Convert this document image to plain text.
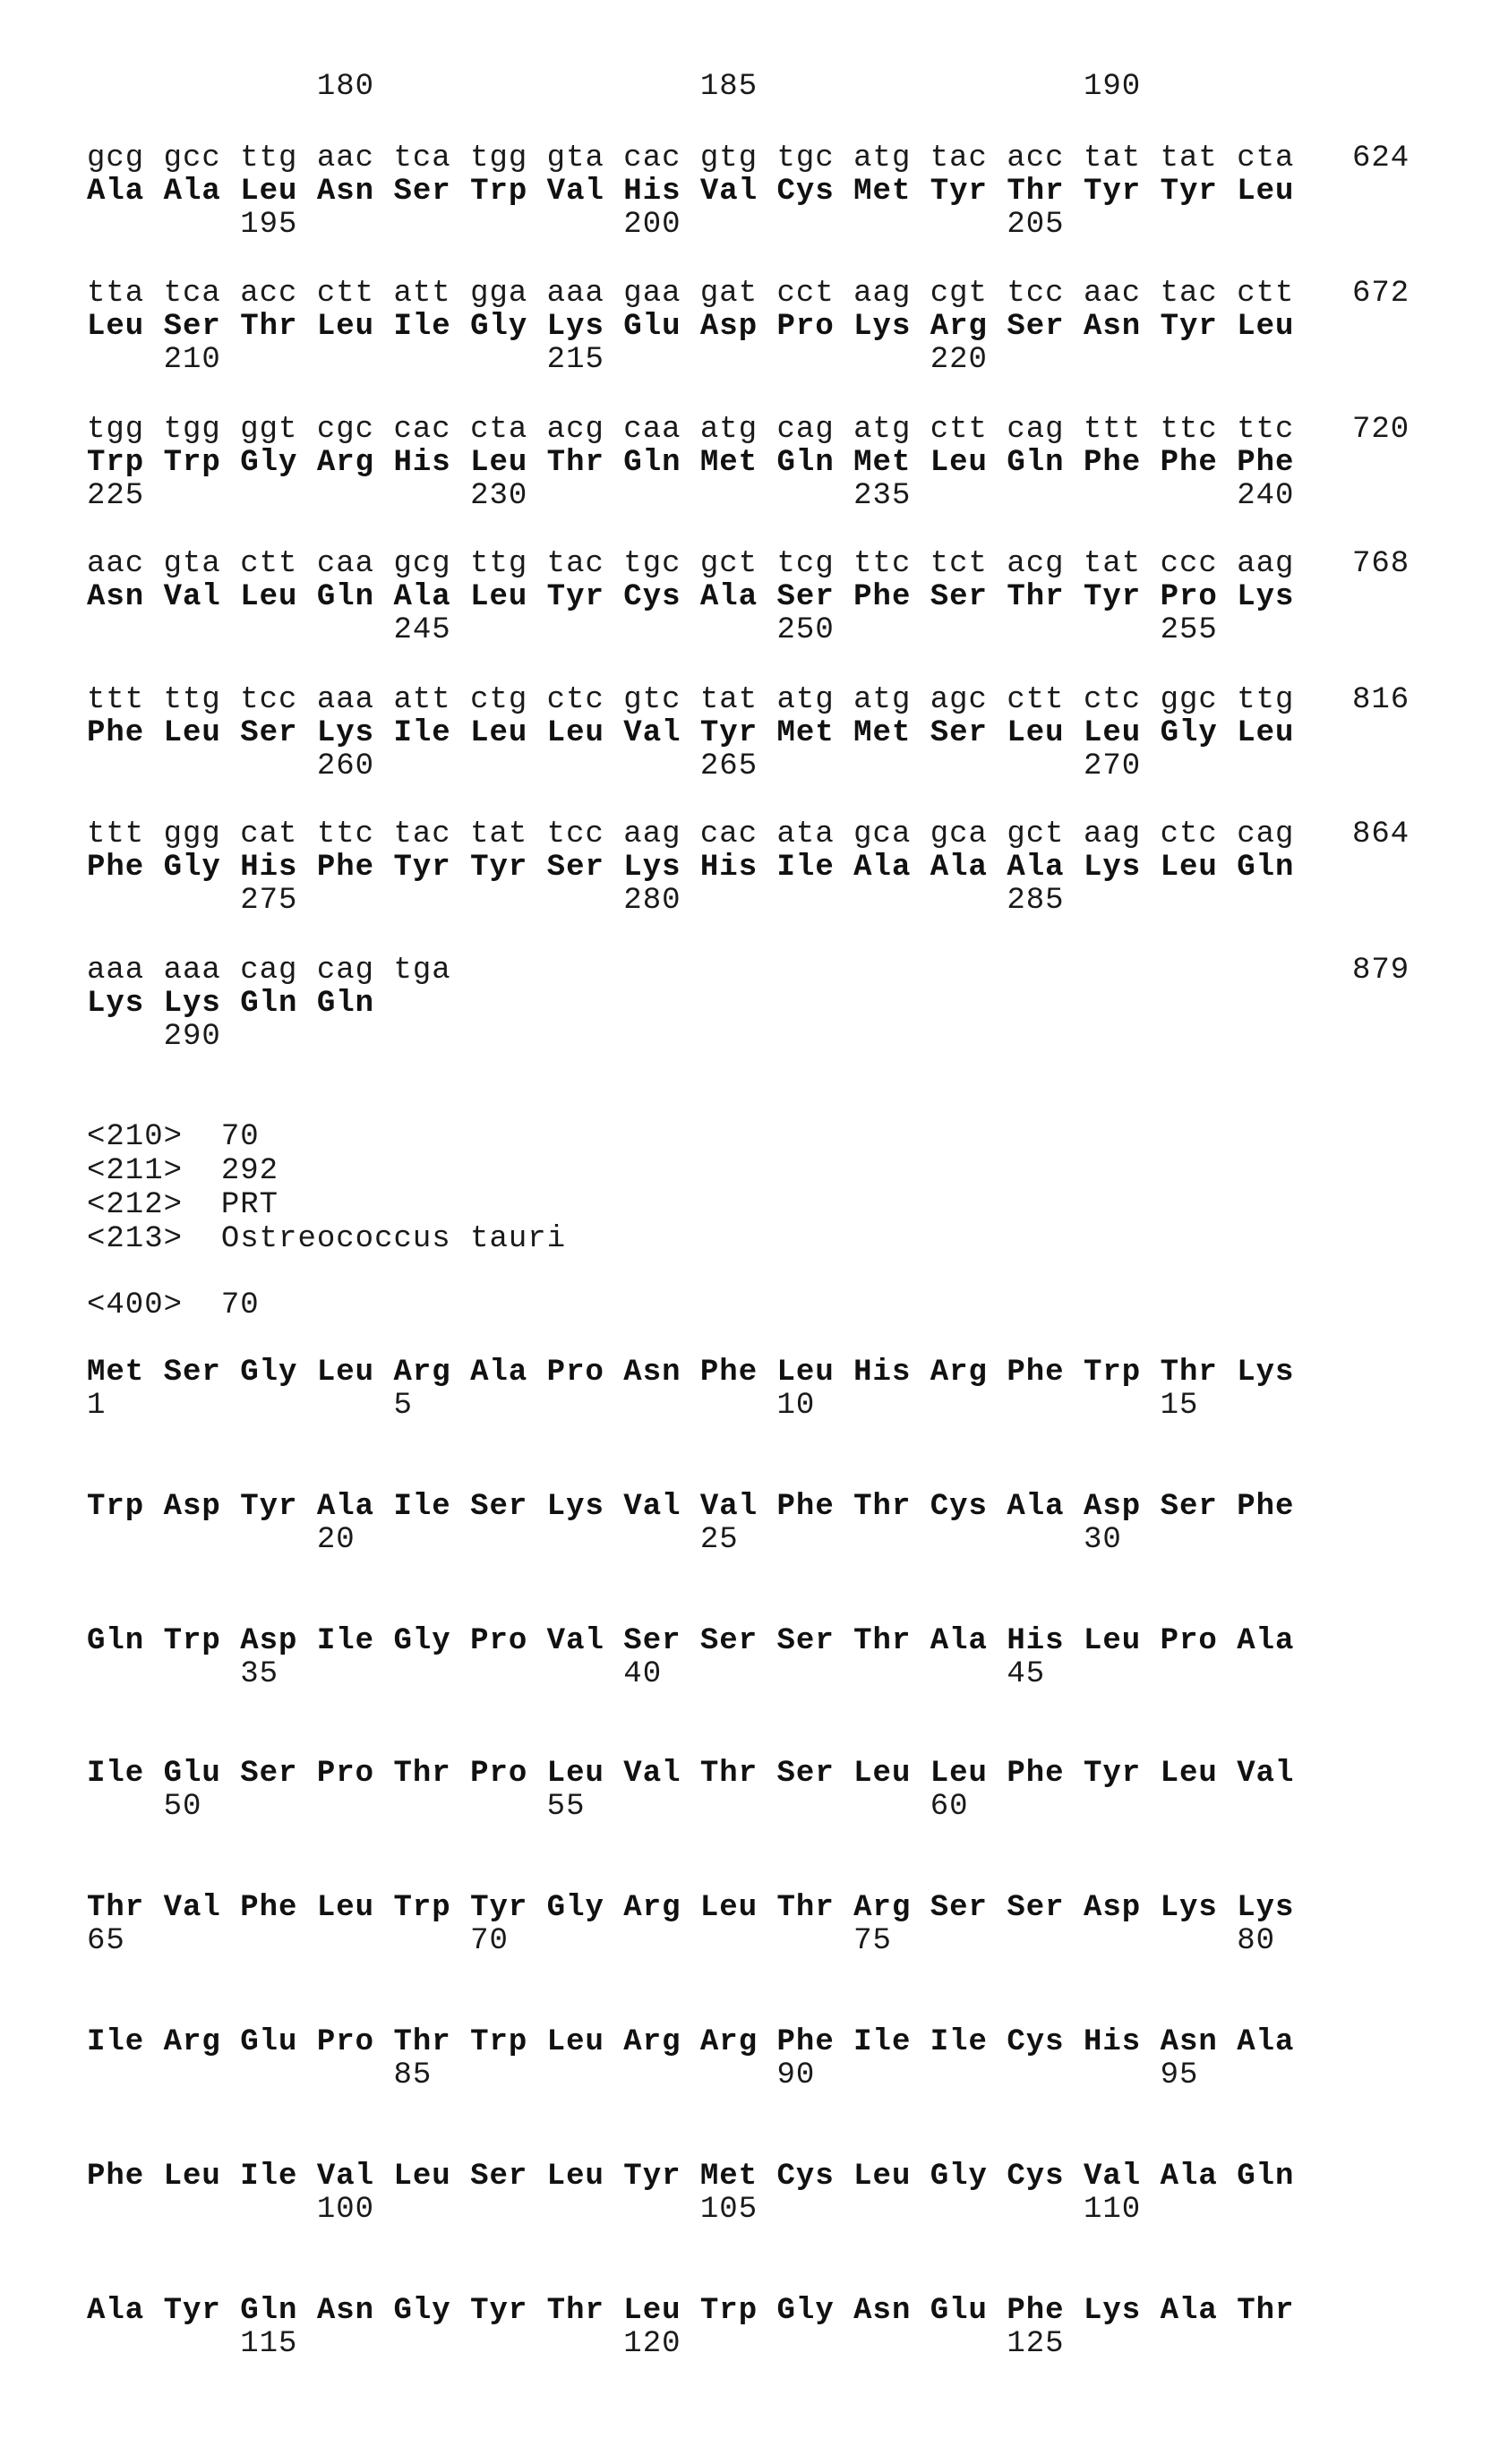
180                 185                 190
gcg gcc ttg aac tca tgg gta cac gtg tgc atg tac acc tat tat cta 624
Ala Ala Leu Asn Ser Trp Val His Val Cys Met Tyr Thr Tyr Tyr Leu
195                 200                 205
tta tca acc ctt att gga aaa gaa gat cct aag cgt tcc aac tac ctt 672
Leu Ser Thr Leu Ile Gly Lys Glu Asp Pro Lys Arg Ser Asn Tyr Leu
210                 215                 220
tgg tgg ggt cgc cac cta acg caa atg cag atg ctt cag ttt ttc ttc 720
Trp Trp Gly Arg His Leu Thr Gln Met Gln Met Leu Gln Phe Phe Phe
225                 230                 235                 240
aac gta ctt caa gcg ttg tac tgc gct tcg ttc tct acg tat ccc aag 768
Asn Val Leu Gln Ala Leu Tyr Cys Ala Ser Phe Ser Thr Tyr Pro Lys
245                 250                 255
ttt ttg tcc aaa att ctg ctc gtc tat atg atg agc ctt ctc ggc ttg 816
Phe Leu Ser Lys Ile Leu Leu Val Tyr Met Met Ser Leu Leu Gly Leu
260                 265                 270
ttt ggg cat ttc tac tat tcc aag cac ata gca gca gct aag ctc cag 864
Phe Gly His Phe Tyr Tyr Ser Lys His Ile Ala Ala Ala Lys Leu Gln
275                 280                 285
aaa aaa cag cag tga	879
Lys Lys Gln Gln
290
<210> 70
<211> 292
<212> PRT
<213> Ostreococcus tauri
<400> 70
Met Ser Gly Leu Arg Ala Pro Asn Phe Leu His Arg Phe Trp Thr Lys
1               5                   10                  15
Trp Asp Tyr Ala Ile Ser Lys Val Val Phe Thr Cys Ala Asp Ser Phe
20                  25                  30
Gln Trp Asp Ile Gly Pro Val Ser Ser Ser Thr Ala His Leu Pro Ala
35                  40                  45
Ile Glu Ser Pro Thr Pro Leu Val Thr Ser Leu Leu Phe Tyr Leu Val
50                  55                  60
Thr Val Phe Leu Trp Tyr Gly Arg Leu Thr Arg Ser Ser Asp Lys Lys
65                  70                  75                  80
Ile Arg Glu Pro Thr Trp Leu Arg Arg Phe Ile Ile Cys His Asn Ala
85                  90                  95
Phe Leu Ile Val Leu Ser Leu Tyr Met Cys Leu Gly Cys Val Ala Gln
100                 105                 110
Ala Tyr Gln Asn Gly Tyr Thr Leu Trp Gly Asn Glu Phe Lys Ala Thr
115                 120                 125
